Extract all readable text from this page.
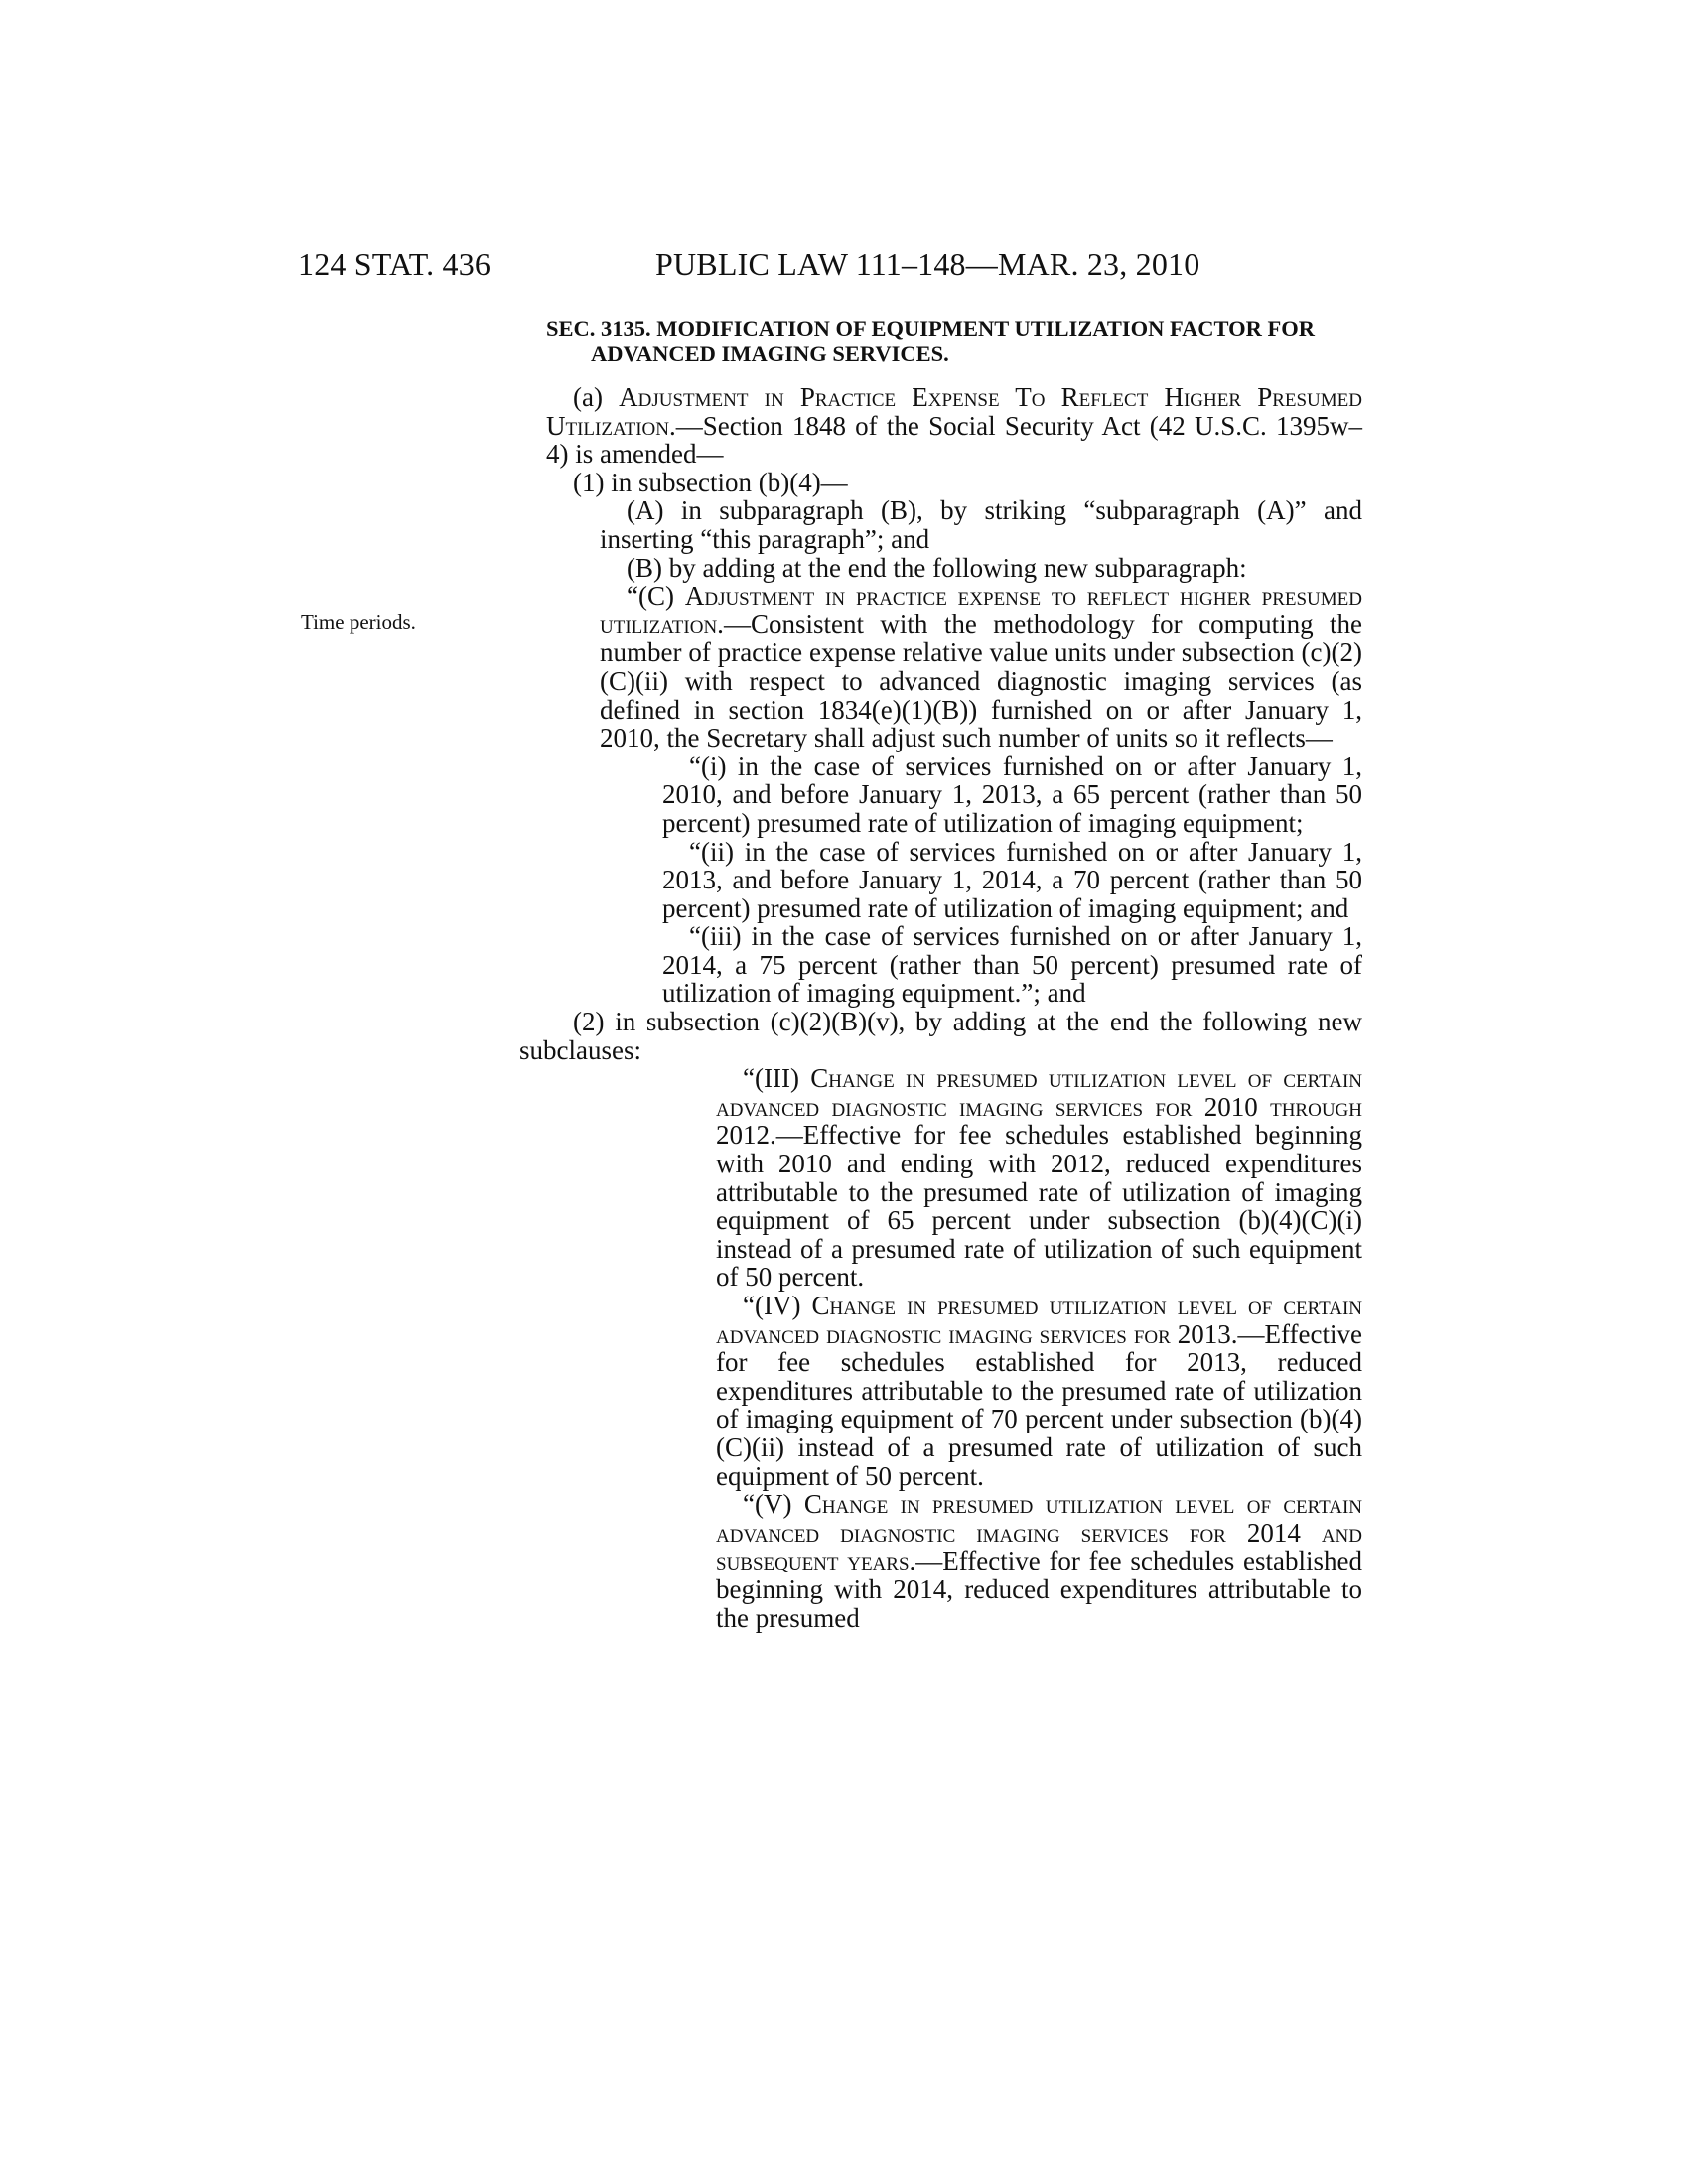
124 STAT. 436	PUBLIC LAW 111–148—MAR. 23, 2010
Time periods.

SEC. 3135. MODIFICATION OF EQUIPMENT UTILIZATION FACTOR FOR ADVANCED IMAGING SERVICES.

(a) Adjustment in Practice Expense To Reflect Higher Presumed Utilization.—Section 1848 of the Social Security Act (42 U.S.C. 1395w–4) is amended—

(1) in subsection (b)(4)—

(A) in subparagraph (B), by striking “subparagraph (A)” and inserting “this paragraph”; and

(B) by adding at the end the following new subparagraph:

“(C) Adjustment in practice expense to reflect higher presumed utilization.—Consistent with the methodology for computing the number of practice expense relative value units under subsection (c)(2)(C)(ii) with respect to advanced diagnostic imaging services (as defined in section 1834(e)(1)(B)) furnished on or after January 1, 2010, the Secretary shall adjust such number of units so it reflects—

“(i) in the case of services furnished on or after January 1, 2010, and before January 1, 2013, a 65 percent (rather than 50 percent) presumed rate of utilization of imaging equipment;

“(ii) in the case of services furnished on or after January 1, 2013, and before January 1, 2014, a 70 percent (rather than 50 percent) presumed rate of utilization of imaging equipment; and

“(iii) in the case of services furnished on or after January 1, 2014, a 75 percent (rather than 50 percent) presumed rate of utilization of imaging equipment.”; and

(2) in subsection (c)(2)(B)(v), by adding at the end the following new subclauses:

“(III) Change in presumed utilization level of certain advanced diagnostic imaging services for 2010 through 2012.—Effective for fee schedules established beginning with 2010 and ending with 2012, reduced expenditures attributable to the presumed rate of utilization of imaging equipment of 65 percent under subsection (b)(4)(C)(i) instead of a presumed rate of utilization of such equipment of 50 percent.

“(IV) Change in presumed utilization level of certain advanced diagnostic imaging services for 2013.—Effective for fee schedules established for 2013, reduced expenditures attributable to the presumed rate of utilization of imaging equipment of 70 percent under subsection (b)(4)(C)(ii) instead of a presumed rate of utilization of such equipment of 50 percent.

“(V) Change in presumed utilization level of certain advanced diagnostic imaging services for 2014 and subsequent years.—Effective for fee schedules established beginning with 2014, reduced expenditures attributable to the presumed
